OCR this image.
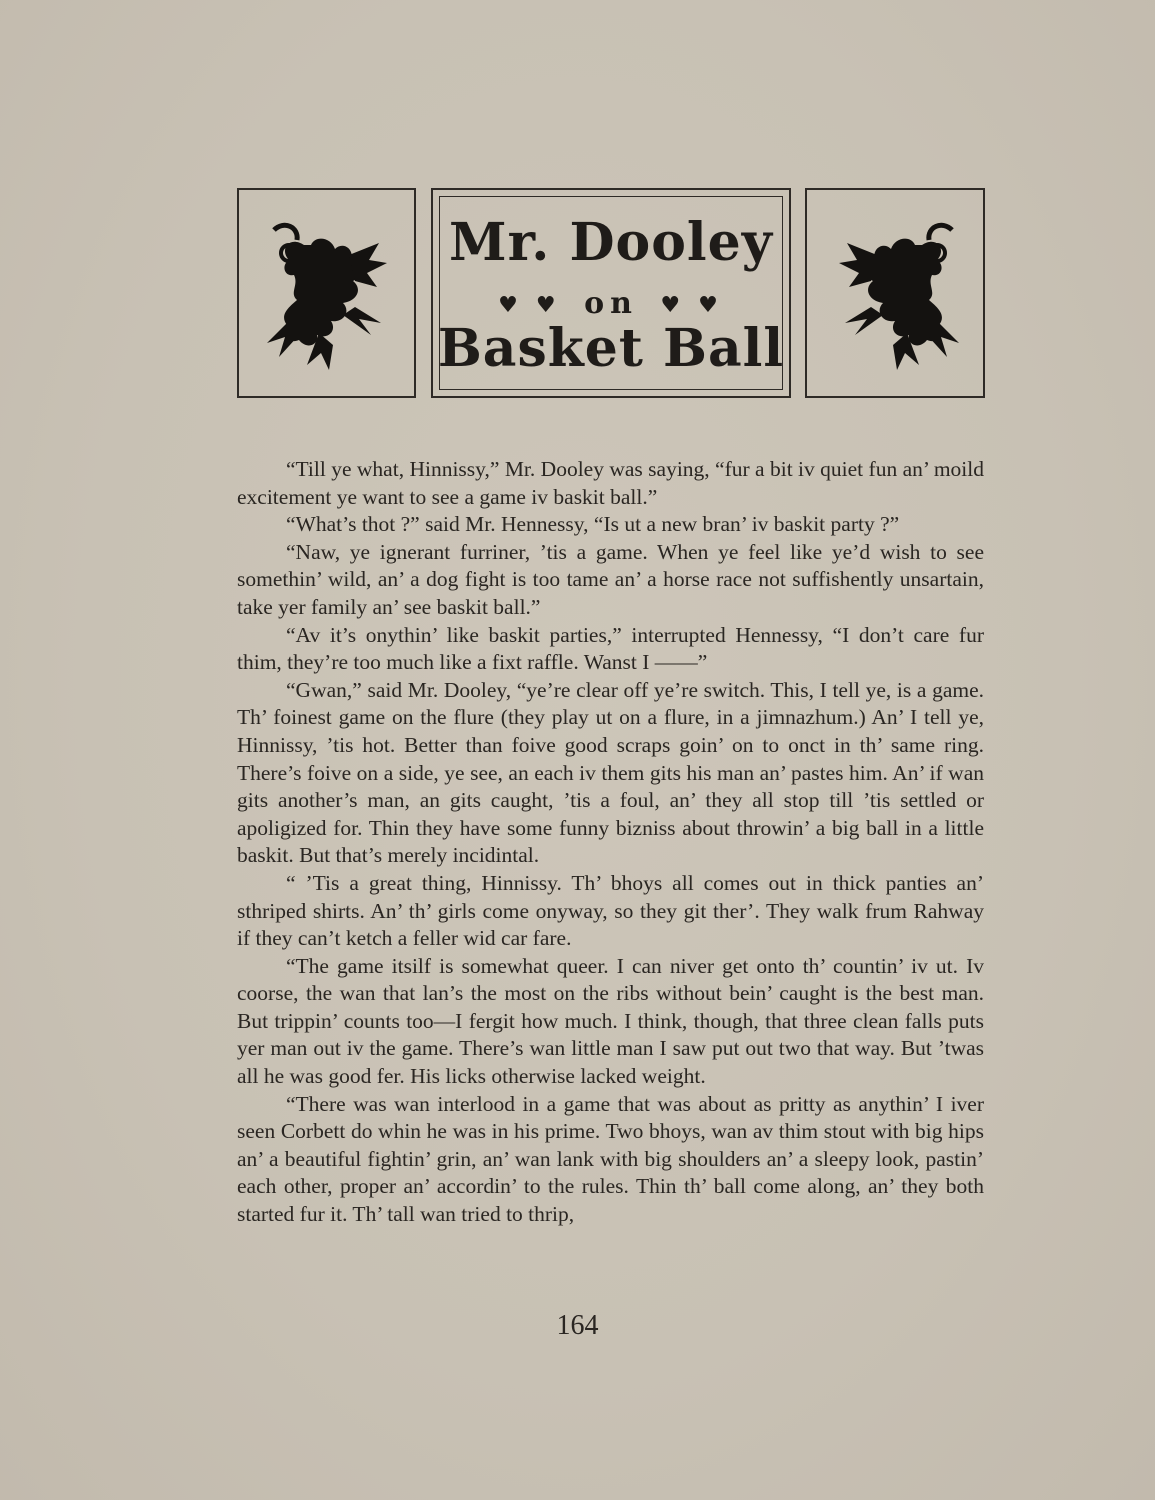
Mr. Dooley
♥ ♥ on ♥ ♥
Basket Ball

“Till ye what, Hinnissy,” Mr. Dooley was saying, “fur a bit iv quiet fun an’ moild excitement ye want to see a game iv baskit ball.”

“What’s thot ?” said Mr. Hennessy, “Is ut a new bran’ iv baskit party ?”

“Naw, ye ignerant furriner, ’tis a game. When ye feel like ye’d wish to see somethin’ wild, an’ a dog fight is too tame an’ a horse race not suffishently unsartain, take yer family an’ see baskit ball.”

“Av it’s onythin’ like baskit parties,” interrupted Hennessy, “I don’t care fur thim, they’re too much like a fixt raffle. Wanst I ——”

“Gwan,” said Mr. Dooley, “ye’re clear off ye’re switch. This, I tell ye, is a game. Th’ foinest game on the flure (they play ut on a flure, in a jimnazhum.) An’ I tell ye, Hinnissy, ’tis hot. Better than foive good scraps goin’ on to onct in th’ same ring. There’s foive on a side, ye see, an each iv them gits his man an’ pastes him. An’ if wan gits another’s man, an gits caught, ’tis a foul, an’ they all stop till ’tis settled or apoligized for. Thin they have some funny bizniss about throwin’ a big ball in a little baskit. But that’s merely incidintal.

“ ’Tis a great thing, Hinnissy. Th’ bhoys all comes out in thick panties an’ sthriped shirts. An’ th’ girls come onyway, so they git ther’. They walk frum Rahway if they can’t ketch a feller wid car fare.

“The game itsilf is somewhat queer. I can niver get onto th’ countin’ iv ut. Iv coorse, the wan that lan’s the most on the ribs without bein’ caught is the best man. But trippin’ counts too—I fergit how much. I think, though, that three clean falls puts yer man out iv the game. There’s wan little man I saw put out two that way. But ’twas all he was good fer. His licks otherwise lacked weight.

“There was wan interlood in a game that was about as pritty as anythin’ I iver seen Corbett do whin he was in his prime. Two bhoys, wan av thim stout with big hips an’ a beautiful fightin’ grin, an’ wan lank with big shoulders an’ a sleepy look, pastin’ each other, proper an’ accordin’ to the rules. Thin th’ ball come along, an’ they both started fur it. Th’ tall wan tried to thrip,

164
